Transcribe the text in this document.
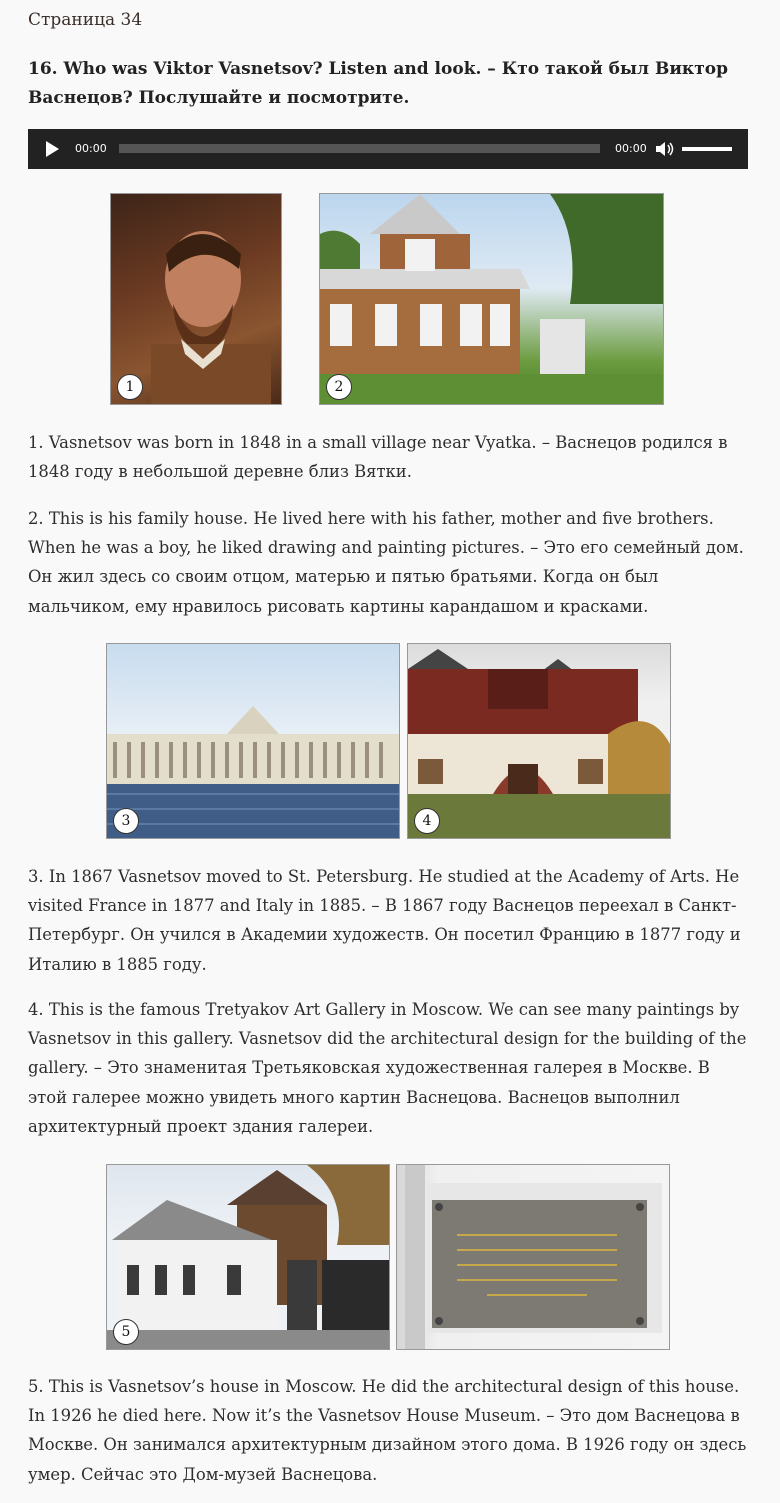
Страница 34
16. Who was Viktor Vasnetsov? Listen and look. – Кто такой был Виктор Васнецов? Послушайте и посмотрите.
00:00	00:00
1	2

1. Vasnetsov was born in 1848 in a small village near Vyatka. – Васнецов родился в 1848 году в небольшой деревне близ Вятки.

2. This is his family house. He lived here with his father, mother and five brothers. When he was a boy, he liked drawing and painting pictures. – Это его семейный дом. Он жил здесь со своим отцом, матерью и пятью братьями. Когда он был мальчиком, ему нравилось рисовать картины карандашом и красками.

3	4

3. In 1867 Vasnetsov moved to St. Petersburg. He studied at the Academy of Arts. He visited France in 1877 and Italy in 1885. – В 1867 году Васнецов переехал в Санкт-Петербург. Он учился в Академии художеств. Он посетил Францию в 1877 году и Италию в 1885 году.

4. This is the famous Tretyakov Art Gallery in Moscow. We can see many paintings by Vasnetsov in this gallery. Vasnetsov did the architectural design for the building of the gallery. – Это знаменитая Третьяковская художественная галерея в Москве. В этой галерее можно увидеть много картин Васнецова. Васнецов выполнил архитектурный проект здания галереи.

5

5. This is Vasnetsov’s house in Moscow. He did the architectural design of this house. In 1926 he died here. Now it’s the Vasnetsov House Museum. – Это дом Васнецова в Москве. Он занимался архитектурным дизайном этого дома. В 1926 году он здесь умер. Сейчас это Дом-музей Васнецова.
